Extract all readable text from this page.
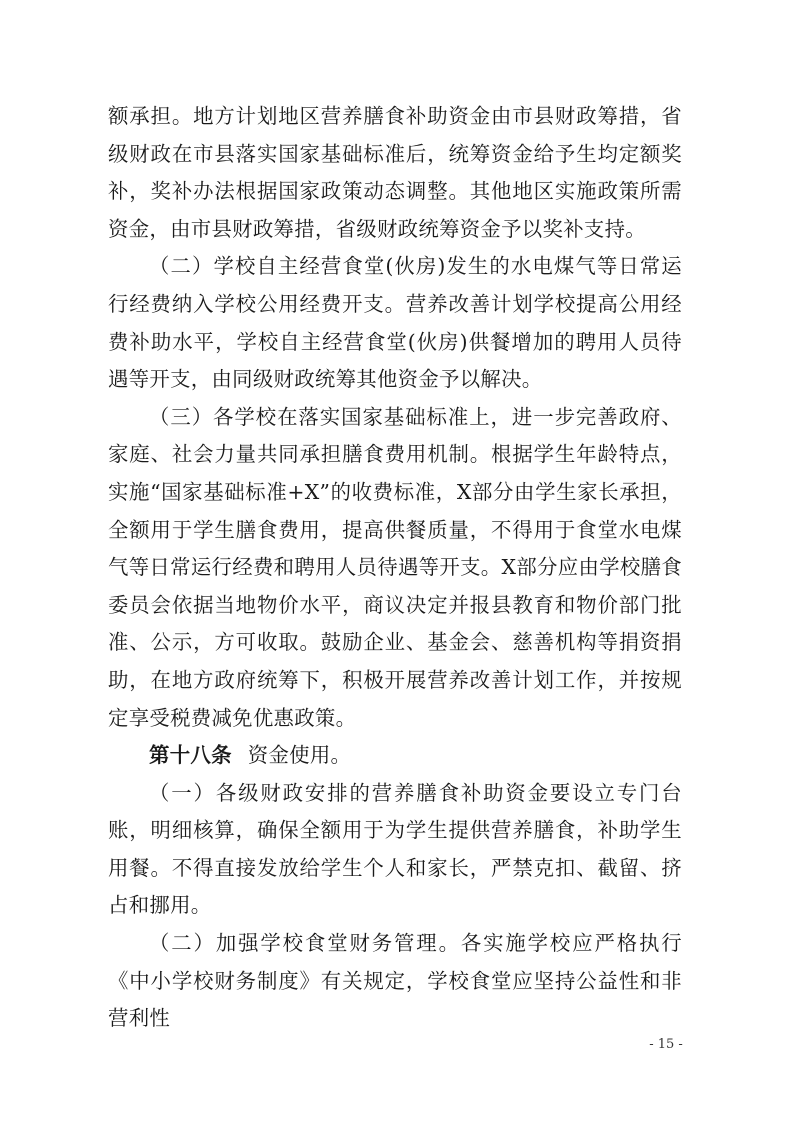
额承担。地方计划地区营养膳食补助资金由市县财政筹措，省级财政在市县落实国家基础标准后，统筹资金给予生均定额奖补，奖补办法根据国家政策动态调整。其他地区实施政策所需资金，由市县财政筹措，省级财政统筹资金予以奖补支持。

（二）学校自主经营食堂(伙房)发生的水电煤气等日常运行经费纳入学校公用经费开支。营养改善计划学校提高公用经费补助水平，学校自主经营食堂(伙房)供餐增加的聘用人员待遇等开支，由同级财政统筹其他资金予以解决。

（三）各学校在落实国家基础标准上，进一步完善政府、家庭、社会力量共同承担膳食费用机制。根据学生年龄特点，实施“国家基础标准+X”的收费标准，X部分由学生家长承担，全额用于学生膳食费用，提高供餐质量，不得用于食堂水电煤气等日常运行经费和聘用人员待遇等开支。X部分应由学校膳食委员会依据当地物价水平，商议决定并报县教育和物价部门批准、公示，方可收取。鼓励企业、基金会、慈善机构等捐资捐助，在地方政府统筹下，积极开展营养改善计划工作，并按规定享受税费减免优惠政策。

第十八条 资金使用。

（一）各级财政安排的营养膳食补助资金要设立专门台账，明细核算，确保全额用于为学生提供营养膳食，补助学生用餐。不得直接发放给学生个人和家长，严禁克扣、截留、挤占和挪用。

（二）加强学校食堂财务管理。各实施学校应严格执行《中小学校财务制度》有关规定，学校食堂应坚持公益性和非营利性

- 15 -
